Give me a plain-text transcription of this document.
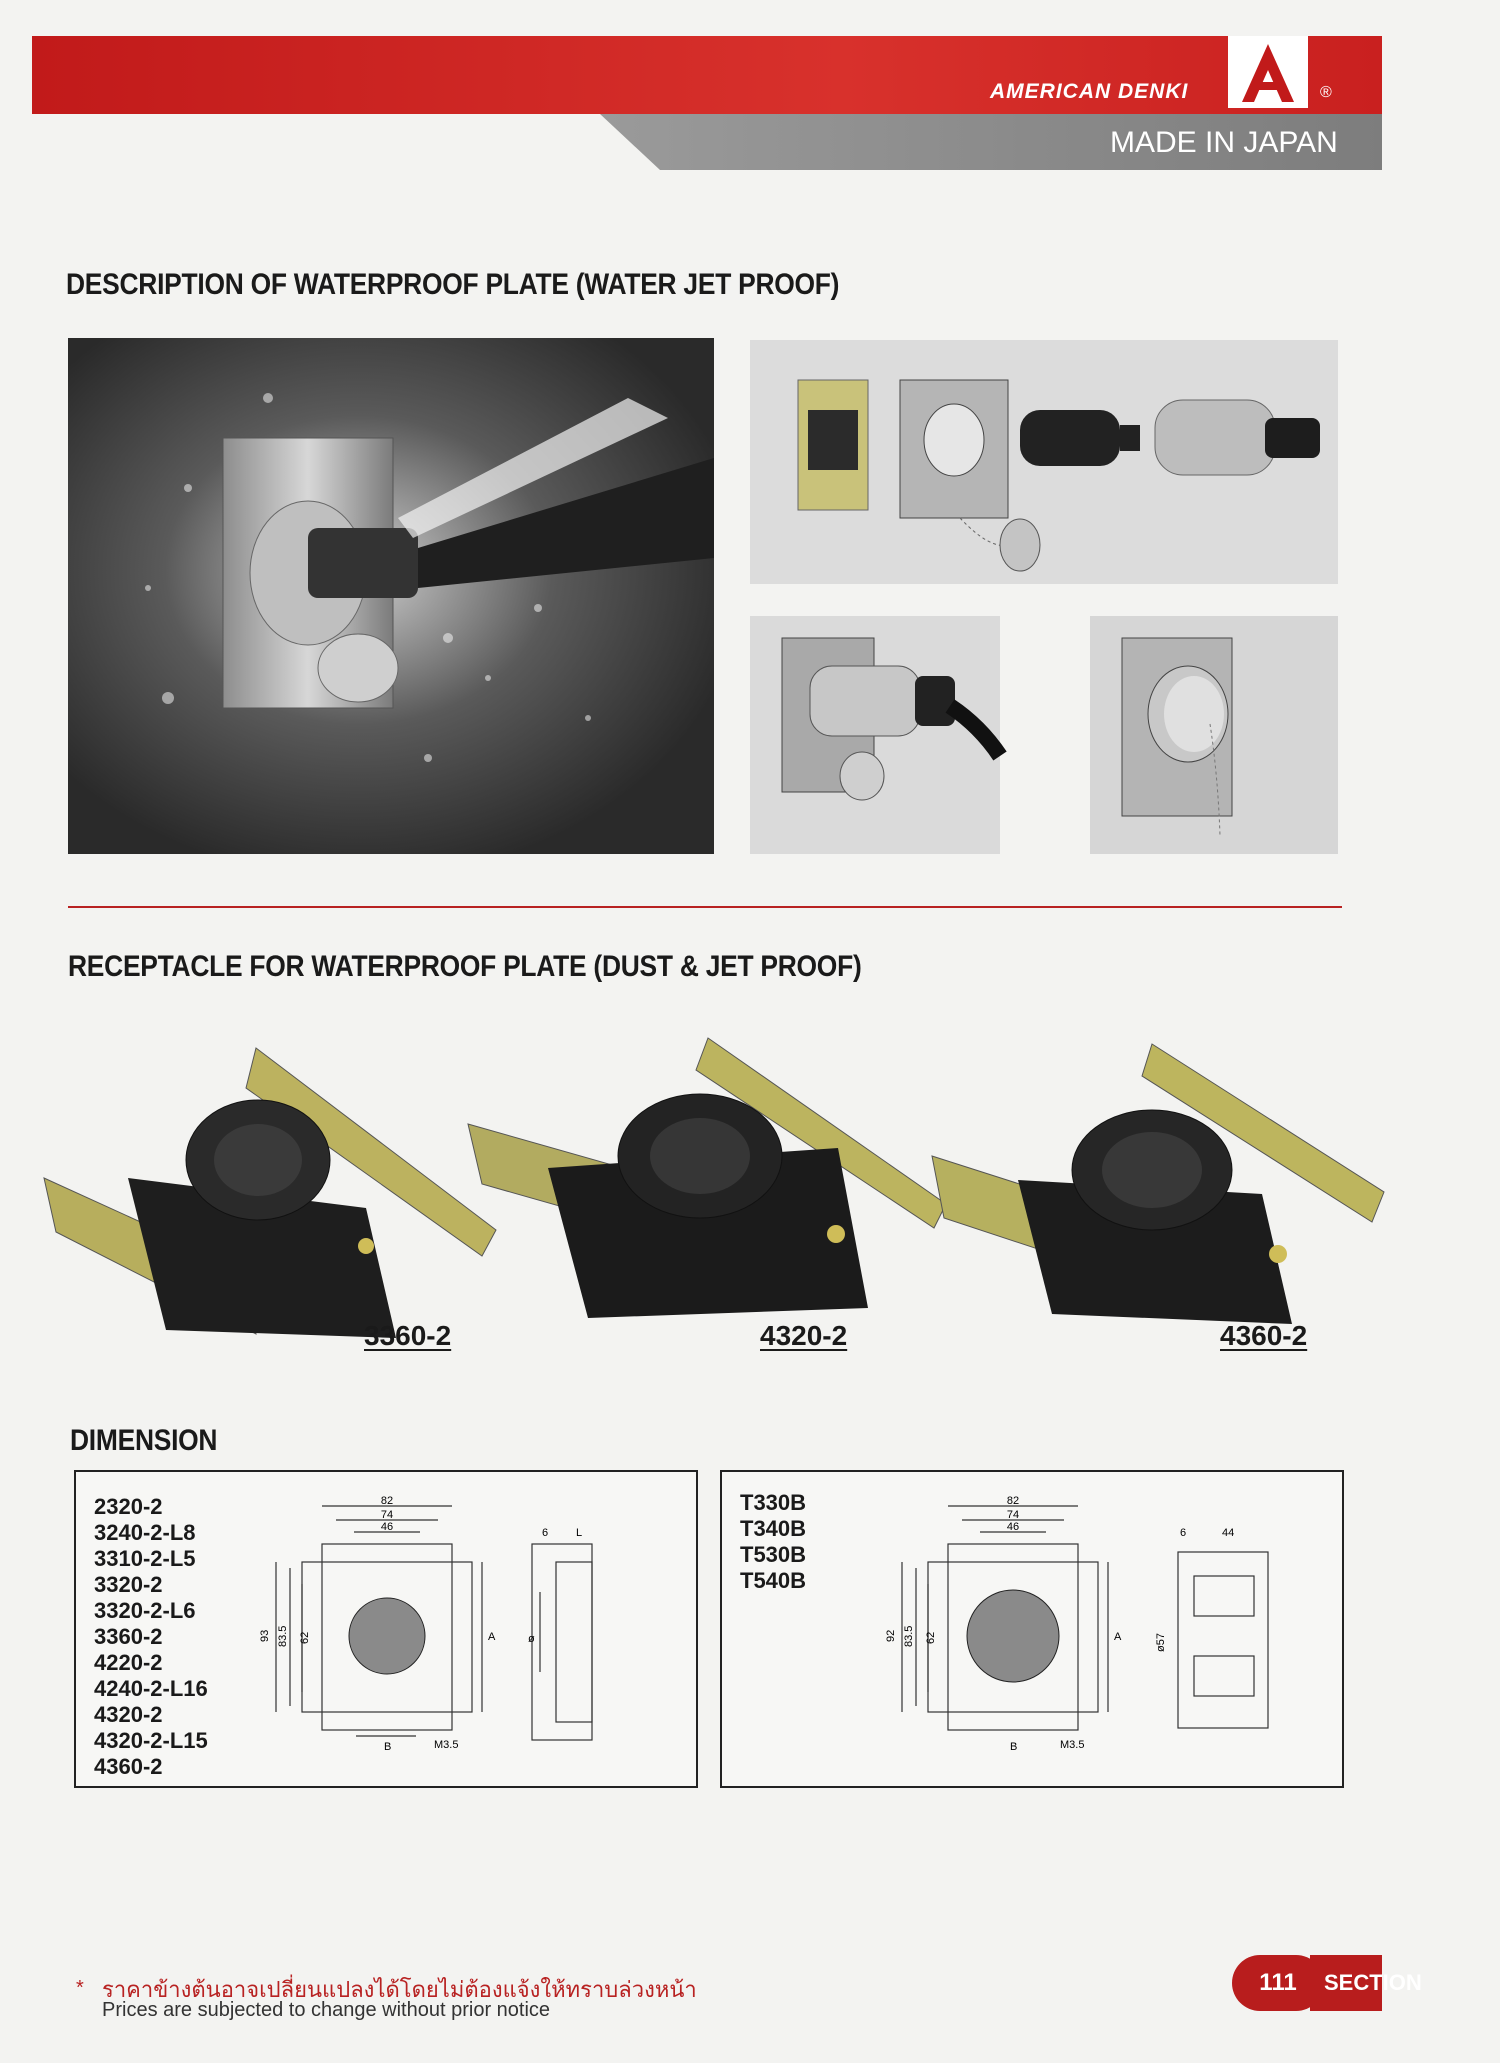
AMERICAN DENKI	®
MADE IN JAPAN
DESCRIPTION OF WATERPROOF PLATE (WATER JET PROOF)
RECEPTACLE FOR WATERPROOF PLATE (DUST & JET PROOF)
3360-2	4320-2	4360-2
DIMENSION
2320-2
3240-2-L8
3310-2-L5
3320-2
3320-2-L6
3360-2
4220-2
4240-2-L16
4320-2
4320-2-L15
4360-2
82
74
46
93 83.5 62	A
B	M3.5
6	L
ø
T330B
T340B
T530B
T540B
82
74
46
92 83.5 62	A
B	M3.5
6	44
ø57
* ราคาข้างต้นอาจเปลี่ยนแปลงได้โดยไม่ต้องแจ้งให้ทราบล่วงหน้า
Prices are subjected to change without prior notice
111	SECTION
